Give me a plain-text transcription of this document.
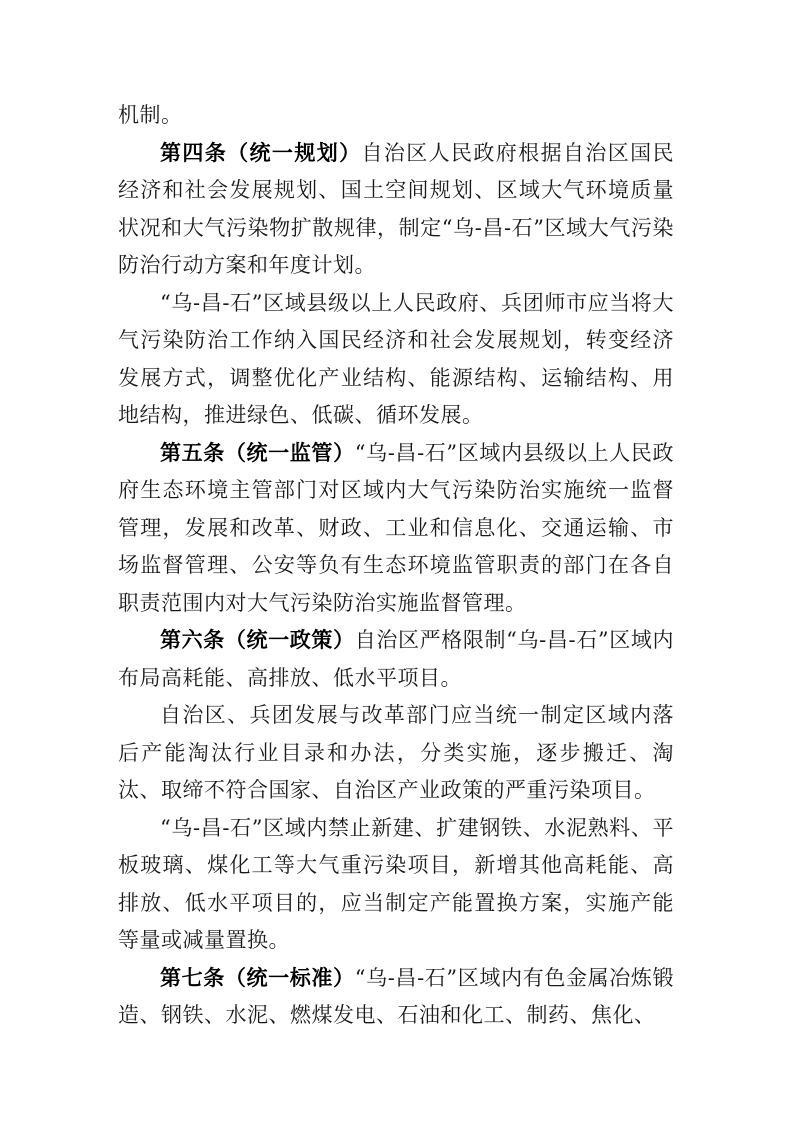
机制。

第四条（统一规划）自治区人民政府根据自治区国民经济和社会发展规划、国土空间规划、区域大气环境质量状况和大气污染物扩散规律，制定“乌-昌-石”区域大气污染防治行动方案和年度计划。

“乌-昌-石”区域县级以上人民政府、兵团师市应当将大气污染防治工作纳入国民经济和社会发展规划，转变经济发展方式，调整优化产业结构、能源结构、运输结构、用地结构，推进绿色、低碳、循环发展。

第五条（统一监管）“乌-昌-石”区域内县级以上人民政府生态环境主管部门对区域内大气污染防治实施统一监督管理，发展和改革、财政、工业和信息化、交通运输、市场监督管理、公安等负有生态环境监管职责的部门在各自职责范围内对大气污染防治实施监督管理。

第六条（统一政策）自治区严格限制“乌-昌-石”区域内布局高耗能、高排放、低水平项目。

自治区、兵团发展与改革部门应当统一制定区域内落后产能淘汰行业目录和办法，分类实施，逐步搬迁、淘汰、取缔不符合国家、自治区产业政策的严重污染项目。

“乌-昌-石”区域内禁止新建、扩建钢铁、水泥熟料、平板玻璃、煤化工等大气重污染项目，新增其他高耗能、高排放、低水平项目的，应当制定产能置换方案，实施产能等量或减量置换。

第七条（统一标准）“乌-昌-石”区域内有色金属冶炼锻造、钢铁、水泥、燃煤发电、石油和化工、制药、焦化、
